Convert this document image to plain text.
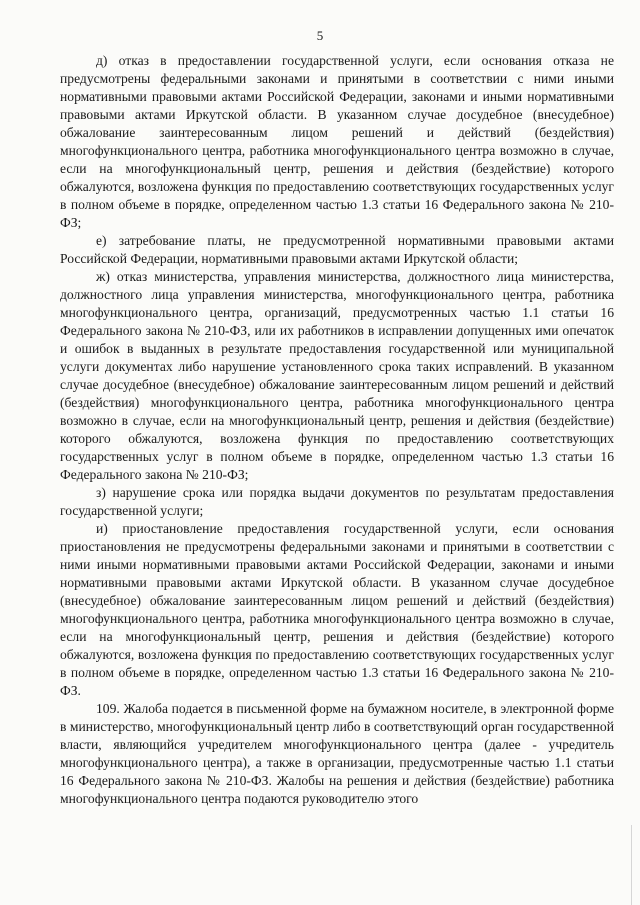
5

д) отказ в предоставлении государственной услуги, если основания отказа не предусмотрены федеральными законами и принятыми в соответствии с ними иными нормативными правовыми актами Российской Федерации, законами и иными нормативными правовыми актами Иркутской области. В указанном случае досудебное (внесудебное) обжалование заинтересованным лицом решений и действий (бездействия) многофункционального центра, работника многофункционального центра возможно в случае, если на многофункциональный центр, решения и действия (бездействие) которого обжалуются, возложена функция по предоставлению соответствующих государственных услуг в полном объеме в порядке, определенном частью 1.3 статьи 16 Федерального закона № 210-ФЗ;

е) затребование платы, не предусмотренной нормативными правовыми актами Российской Федерации, нормативными правовыми актами Иркутской области;

ж) отказ министерства, управления министерства, должностного лица министерства, должностного лица управления министерства, многофункционального центра, работника многофункционального центра, организаций, предусмотренных частью 1.1 статьи 16 Федерального закона № 210-ФЗ, или их работников в исправлении допущенных ими опечаток и ошибок в выданных в результате предоставления государственной или муниципальной услуги документах либо нарушение установленного срока таких исправлений. В указанном случае досудебное (внесудебное) обжалование заинтересованным лицом решений и действий (бездействия) многофункционального центра, работника многофункционального центра возможно в случае, если на многофункциональный центр, решения и действия (бездействие) которого обжалуются, возложена функция по предоставлению соответствующих государственных услуг в полном объеме в порядке, определенном частью 1.3 статьи 16 Федерального закона № 210-ФЗ;

з) нарушение срока или порядка выдачи документов по результатам предоставления государственной услуги;

и) приостановление предоставления государственной услуги, если основания приостановления не предусмотрены федеральными законами и принятыми в соответствии с ними иными нормативными правовыми актами Российской Федерации, законами и иными нормативными правовыми актами Иркутской области. В указанном случае досудебное (внесудебное) обжалование заинтересованным лицом решений и действий (бездействия) многофункционального центра, работника многофункционального центра возможно в случае, если на многофункциональный центр, решения и действия (бездействие) которого обжалуются, возложена функция по предоставлению соответствующих государственных услуг в полном объеме в порядке, определенном частью 1.3 статьи 16 Федерального закона № 210-ФЗ.

109. Жалоба подается в письменной форме на бумажном носителе, в электронной форме в министерство, многофункциональный центр либо в соответствующий орган государственной власти, являющийся учредителем многофункционального центра (далее - учредитель многофункционального центра), а также в организации, предусмотренные частью 1.1 статьи 16 Федерального закона № 210-ФЗ. Жалобы на решения и действия (бездействие) работника многофункционального центра подаются руководителю этого
